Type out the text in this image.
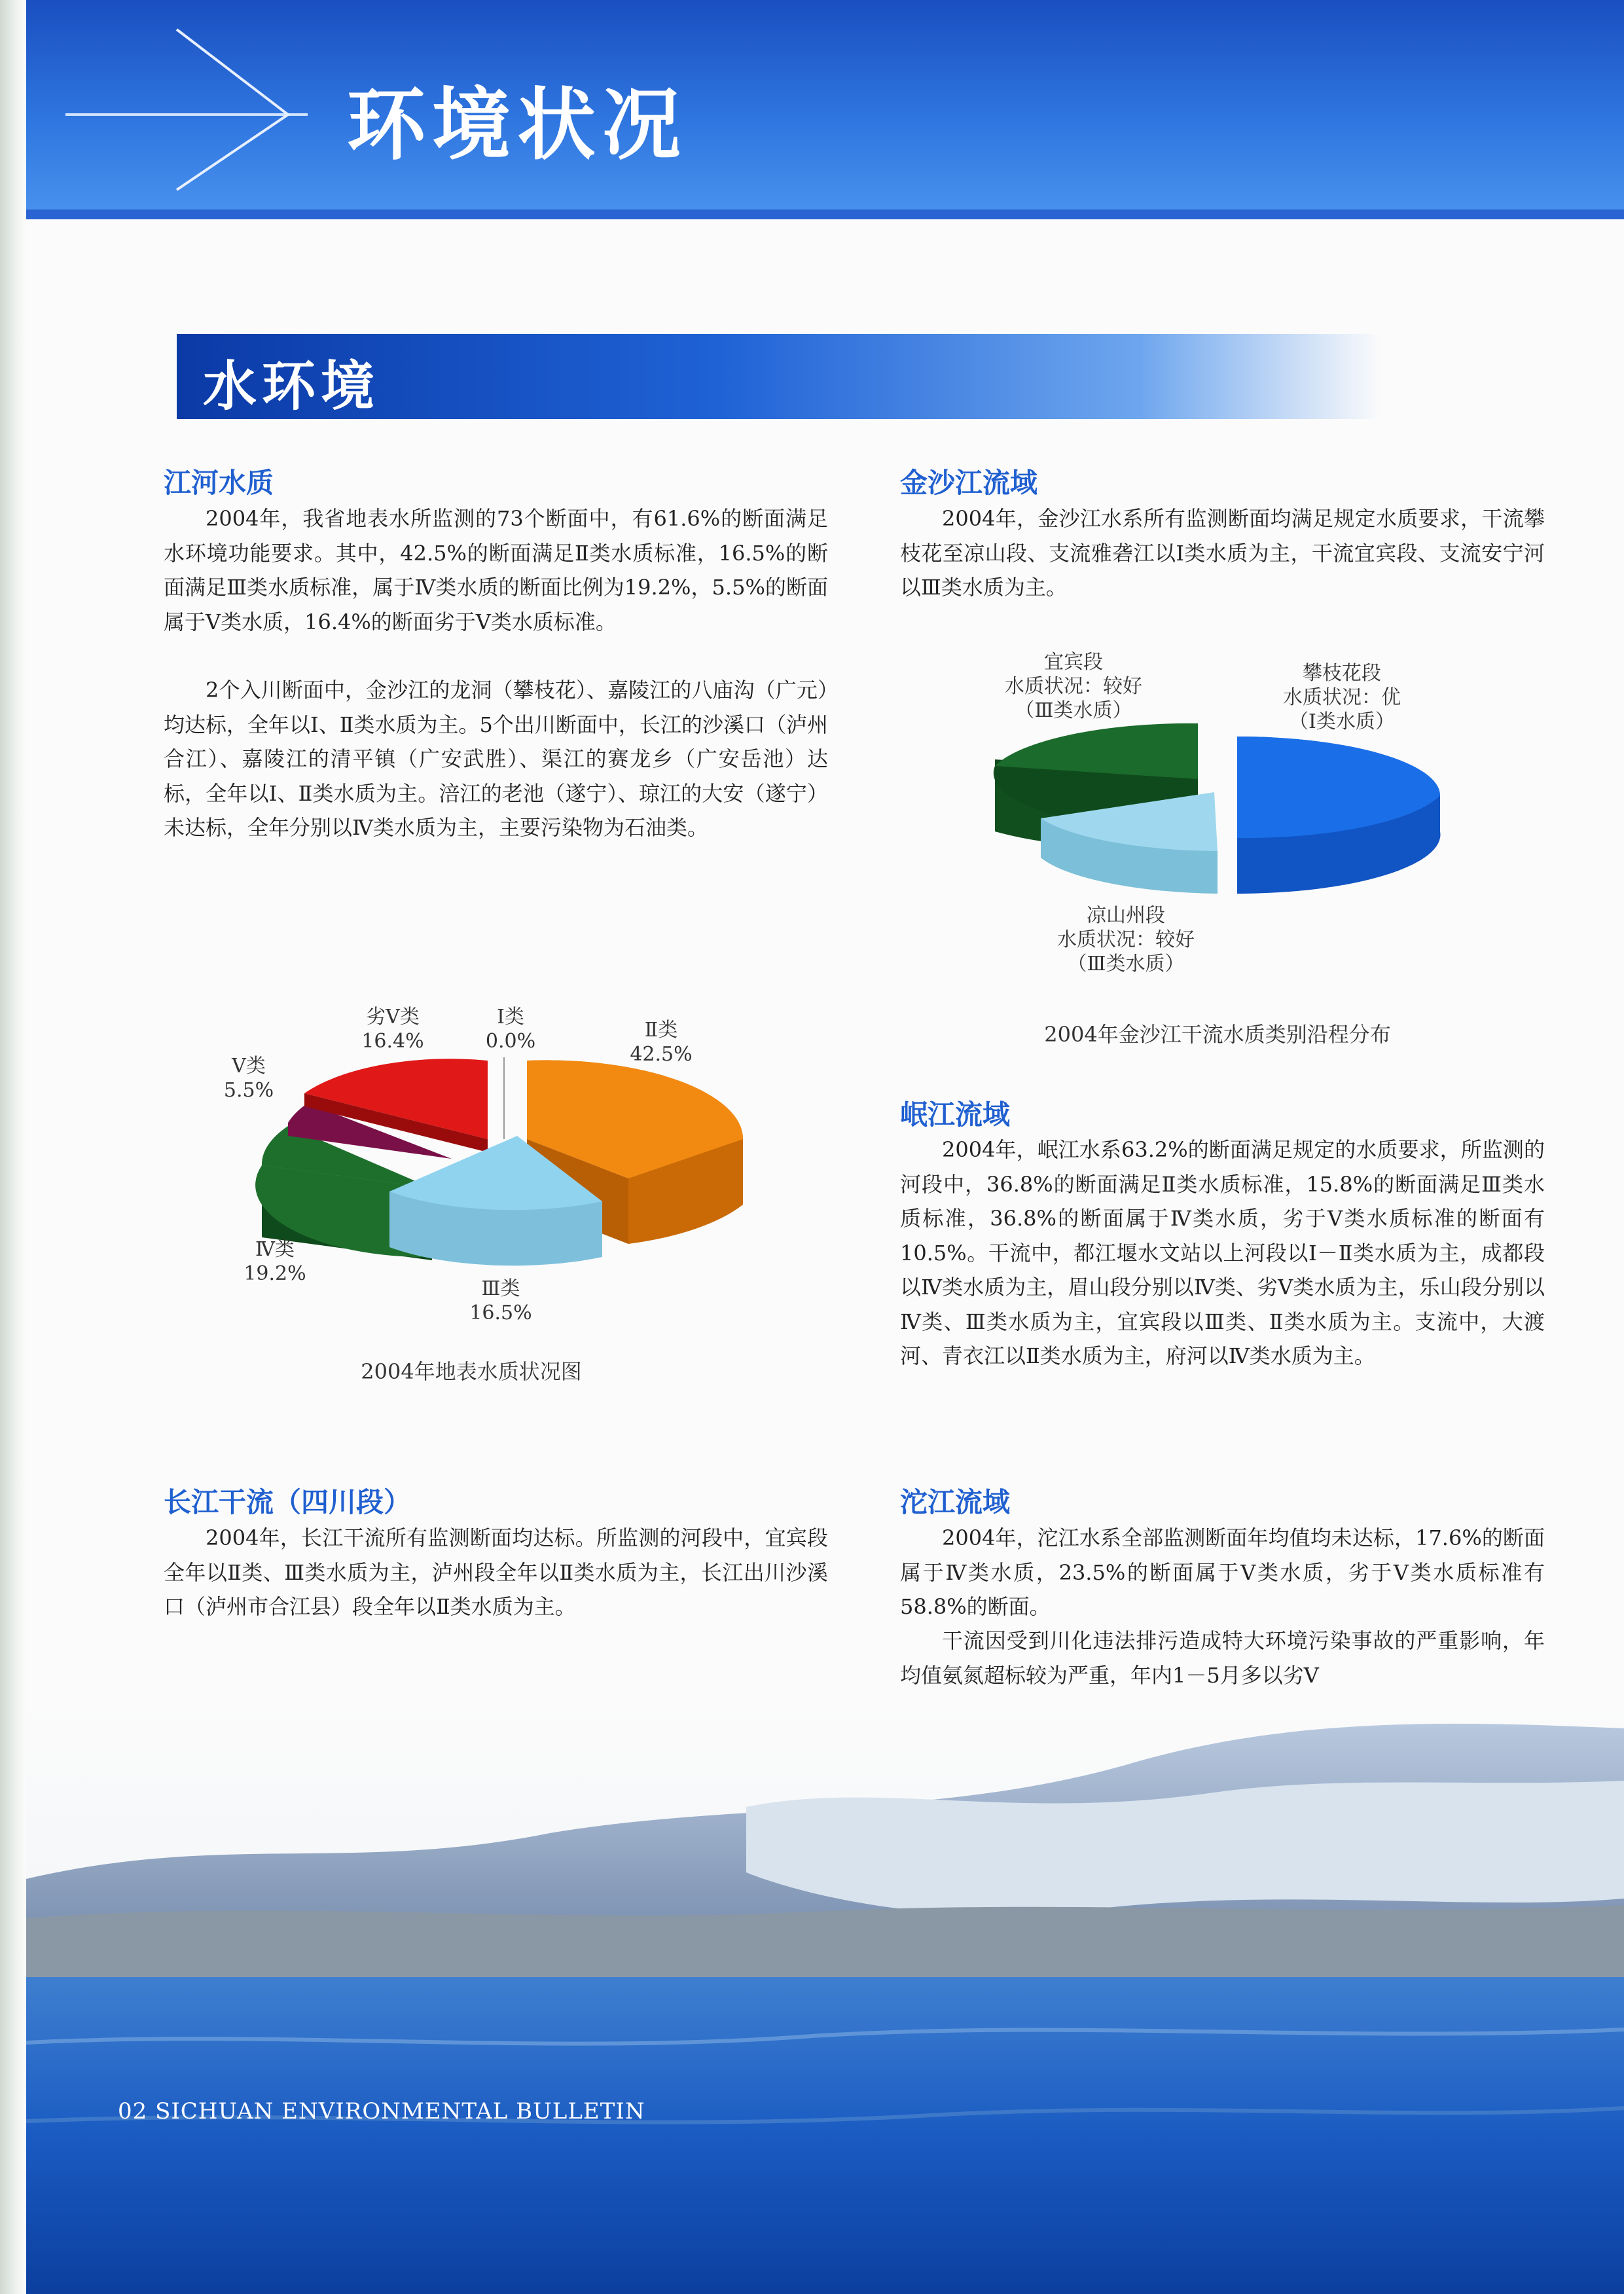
环境状况
水环境
江河水质

2004年，我省地表水所监测的73个断面中，有61.6%的断面满足水环境功能要求。其中，42.5%的断面满足Ⅱ类水质标准，16.5%的断面满足Ⅲ类水质标准，属于Ⅳ类水质的断面比例为19.2%，5.5%的断面属于Ⅴ类水质，16.4%的断面劣于Ⅴ类水质标准。

2个入川断面中，金沙江的龙洞（攀枝花）、嘉陵江的八庙沟（广元）均达标，全年以Ⅰ、Ⅱ类水质为主。5个出川断面中，长江的沙溪口（泸州合江）、嘉陵江的清平镇（广安武胜）、渠江的赛龙乡（广安岳池）达标，全年以Ⅰ、Ⅱ类水质为主。涪江的老池（遂宁）、琼江的大安（遂宁）未达标，全年分别以Ⅳ类水质为主，主要污染物为石油类。

劣Ⅴ类
16.4%
Ⅰ类
0.0%	Ⅱ类
42.5%
Ⅴ类
5.5%
Ⅳ类
19.2%
Ⅲ类
16.5%
2004年地表水质状况图
长江干流（四川段）

2004年，长江干流所有监测断面均达标。所监测的河段中，宜宾段全年以Ⅱ类、Ⅲ类水质为主，泸州段全年以Ⅱ类水质为主，长江出川沙溪口（泸州市合江县）段全年以Ⅱ类水质为主。

金沙江流域

2004年，金沙江水系所有监测断面均满足规定水质要求，干流攀枝花至凉山段、支流雅砻江以Ⅰ类水质为主，干流宜宾段、支流安宁河以Ⅲ类水质为主。

宜宾段
水质状况：较好
（Ⅲ类水质）
攀枝花段
水质状况：优
（Ⅰ类水质）
凉山州段
水质状况：较好
（Ⅲ类水质）
2004年金沙江干流水质类别沿程分布
岷江流域

2004年，岷江水系63.2%的断面满足规定的水质要求，所监测的河段中，36.8%的断面满足Ⅱ类水质标准，15.8%的断面满足Ⅲ类水质标准，36.8%的断面属于Ⅳ类水质，劣于Ⅴ类水质标准的断面有10.5%。干流中，都江堰水文站以上河段以Ⅰ－Ⅱ类水质为主，成都段以Ⅳ类水质为主，眉山段分别以Ⅳ类、劣Ⅴ类水质为主，乐山段分别以Ⅳ类、Ⅲ类水质为主，宜宾段以Ⅲ类、Ⅱ类水质为主。支流中，大渡河、青衣江以Ⅱ类水质为主，府河以Ⅳ类水质为主。

沱江流域

2004年，沱江水系全部监测断面年均值均未达标，17.6%的断面属于Ⅳ类水质，23.5%的断面属于Ⅴ类水质，劣于Ⅴ类水质标准有58.8%的断面。

干流因受到川化违法排污造成特大环境污染事故的严重影响，年均值氨氮超标较为严重，年内1－5月多以劣Ⅴ

02 SICHUAN ENVIRONMENTAL BULLETIN
